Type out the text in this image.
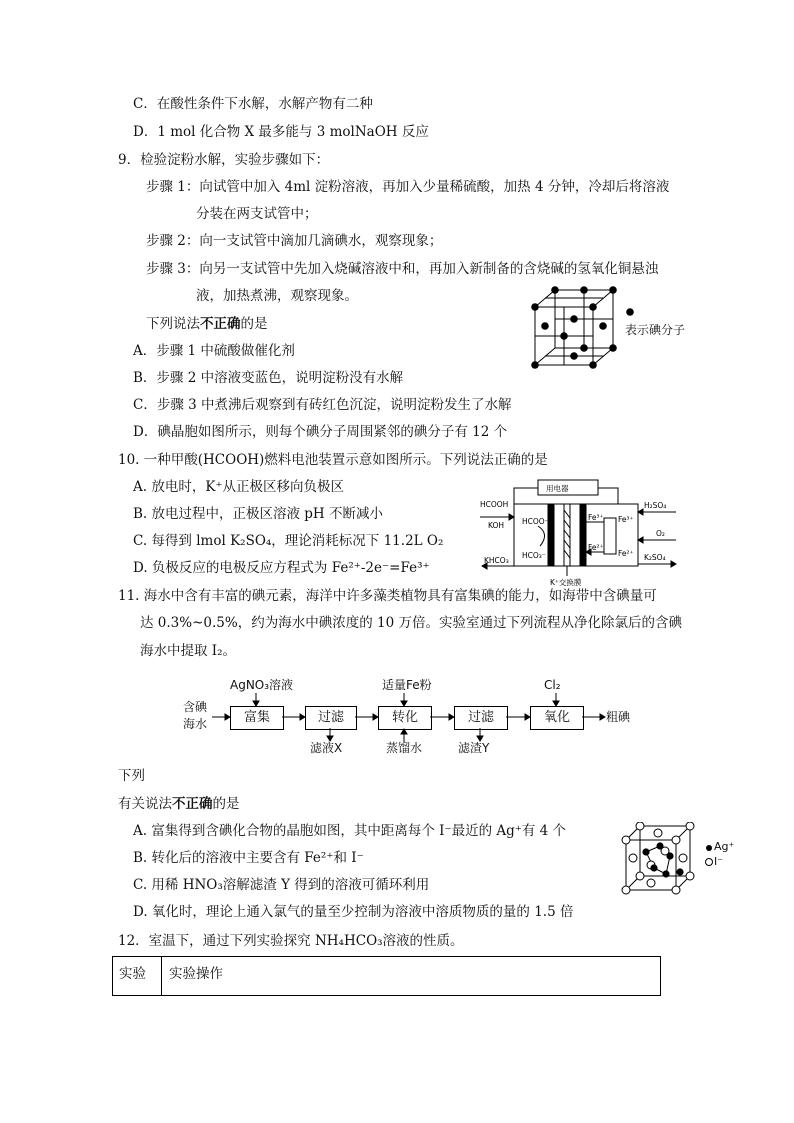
C．在酸性条件下水解，水解产物有二种
D．1 mol 化合物 X 最多能与 3 molNaOH 反应
9．检验淀粉水解，实验步骤如下：
步骤 1：向试管中加入 4ml 淀粉溶液，再加入少量稀硫酸，加热 4 分钟，冷却后将溶液
分装在两支试管中；
步骤 2：向一支试管中滴加几滴碘水，观察现象；
步骤 3：向另一支试管中先加入烧碱溶液中和，再加入新制备的含烧碱的氢氧化铜悬浊
液，加热煮沸，观察现象。
下列说法不正确的是
A．步骤 1 中硫酸做催化剂
B．步骤 2 中溶液变蓝色，说明淀粉没有水解
C．步骤 3 中煮沸后观察到有砖红色沉淀，说明淀粉发生了水解
D．碘晶胞如图所示，则每个碘分子周围紧邻的碘分子有 12 个
表示碘分子
10. 一种甲酸(HCOOH)燃料电池装置示意如图所示。下列说法正确的是
A. 放电时，K⁺从正极区移向负极区
B. 放电过程中，正极区溶液 pH 不断减小
C. 每得到 lmol K₂SO₄，理论消耗标况下 11.2L O₂
D. 负极反应的电极反应方程式为 Fe²⁺-2e⁻=Fe³⁺
用电器
HCOOH
KOH
KHCO₃
HCOO⁻
HCO₃⁻
Fe³⁺
Fe²⁺
Fe³⁺
Fe²⁺
H₂SO₄
O₂
K₂SO₄
K⁺交换膜
11. 海水中含有丰富的碘元素，海洋中许多藻类植物具有富集碘的能力，如海带中含碘量可
达 0.3%~0.5%，约为海水中碘浓度的 10 万倍。实验室通过下列流程从净化除氯后的含碘
海水中提取 I₂。
含碘
海水	富集	过滤	转化	过滤	氧化	粗碘
AgNO₃溶液	适量Fe粉	Cl₂
滤液X	蒸馏水	滤渣Y
下列
有关说法不正确的是
A. 富集得到含碘化合物的晶胞如图，其中距离每个 I⁻最近的 Ag⁺有 4 个
B. 转化后的溶液中主要含有 Fe²⁺和 I⁻
C. 用稀 HNO₃溶解滤渣 Y 得到的溶液可循环利用
D. 氧化时，理论上通入氯气的量至少控制为溶液中溶质物质的量的 1.5 倍
Ag⁺
I⁻
12．室温下，通过下列实验探究 NH₄HCO₃溶液的性质。
实验 实验操作
